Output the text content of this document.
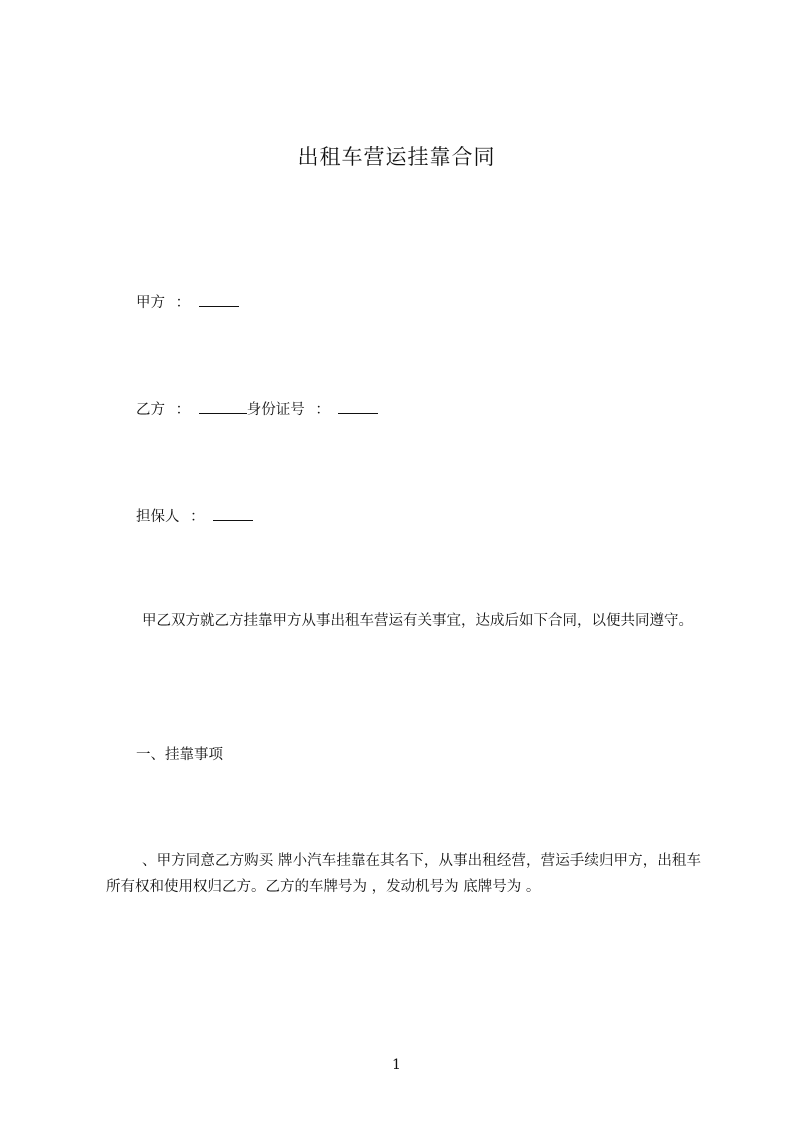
出租车营运挂靠合同
甲方 ：
乙方 ：	身份证号 ：
担保人 ：
甲乙双方就乙方挂靠甲方从事出租车营运有关事宜，达成后如下合同，以便共同遵守。
一、挂靠事项
、甲方同意乙方购买 牌小汽车挂靠在其名下，从事出租经营，营运手续归甲方，出租车所有权和使用权归乙方。乙方的车牌号为 ，发动机号为 底牌号为 。
1
